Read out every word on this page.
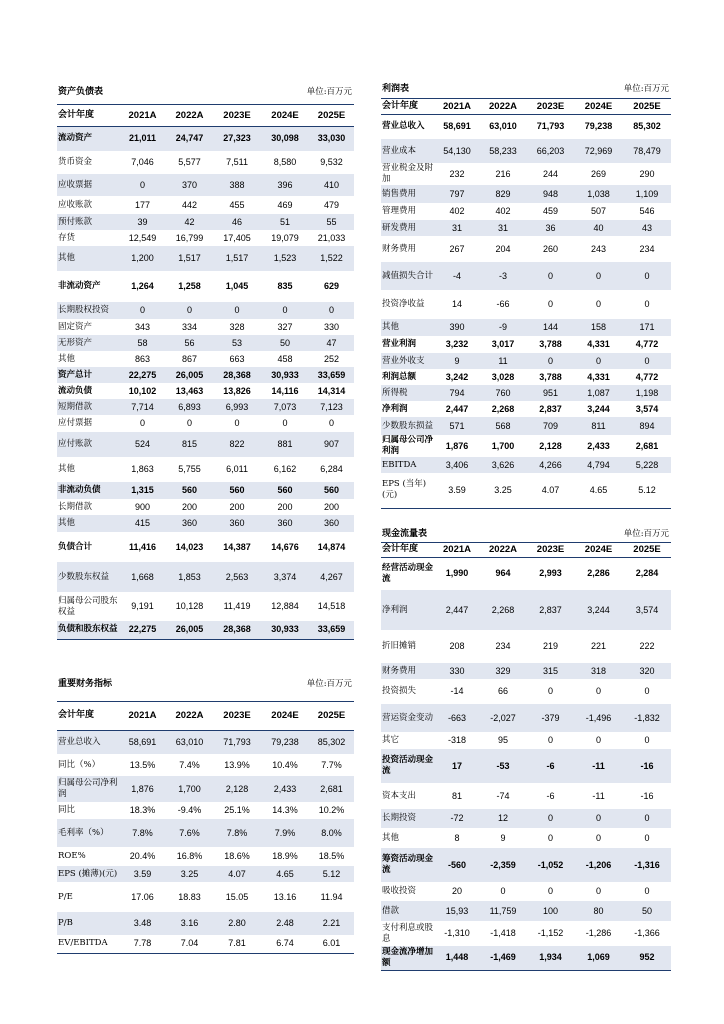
资产负债表			单位:百万元		
会计年度	2021A	2022A	2023E	2024E	2025E
流动资产	21,011	24,747	27,323	30,098	33,030
货币资金	7,046	5,577	7,511	8,580	9,532
应收票据	0	370	388	396	410
应收账款	177	442	455	469	479
预付账款	39	42	46	51	55
存货	12,549	16,799	17,405	19,079	21,033
其他	1,200	1,517	1,517	1,523	1,522
非流动资产	1,264	1,258	1,045	835	629
长期股权投资	0	0	0	0	0
固定资产	343	334	328	327	330
无形资产	58	56	53	50	47
其他	863	867	663	458	252
资产总计	22,275	26,005	28,368	30,933	33,659
流动负债	10,102	13,463	13,826	14,116	14,314
短期借款	7,714	6,893	6,993	7,073	7,123
应付票据	0	0	0	0	0
应付账款	524	815	822	881	907
其他	1,863	5,755	6,011	6,162	6,284
非流动负债	1,315	560	560	560	560
长期借款	900	200	200	200	200
其他	415	360	360	360	360
负债合计	11,416	14,023	14,387	14,676	14,874
少数股东权益	1,668	1,853	2,563	3,374	4,267
归属母公司股东权益	9,191	10,128	11,419	12,884	14,518
负债和股东权益	22,275	26,005	28,368	30,933	33,659
重要财务指标			单位:百万元		
会计年度	2021A	2022A	2023E	2024E	2025E
营业总收入	58,691	63,010	71,793	79,238	85,302
同比（%）	13.5%	7.4%	13.9%	10.4%	7.7%
归属母公司净利润	1,876	1,700	2,128	2,433	2,681
同比	18.3%	-9.4%	25.1%	14.3%	10.2%
毛利率（%）	7.8%	7.6%	7.8%	7.9%	8.0%
ROE%	20.4%	16.8%	18.6%	18.9%	18.5%
EPS (摊薄)(元)	3.59	3.25	4.07	4.65	5.12
P/E	17.06	18.83	15.05	13.16	11.94
P/B	3.48	3.16	2.80	2.48	2.21
EV/EBITDA	7.78	7.04	7.81	6.74	6.01
利润表			单位:百万元		
会计年度	2021A	2022A	2023E	2024E	2025E
营业总收入	58,691	63,010	71,793	79,238	85,302
营业成本	54,130	58,233	66,203	72,969	78,479
营业税金及附加	232	216	244	269	290
销售费用	797	829	948	1,038	1,109
管理费用	402	402	459	507	546
研发费用	31	31	36	40	43
财务费用	267	204	260	243	234
减值损失合计	-4	-3	0	0	0
投资净收益	14	-66	0	0	0
其他	390	-9	144	158	171
营业利润	3,232	3,017	3,788	4,331	4,772
营业外收支	9	11	0	0	0
利润总额	3,242	3,028	3,788	4,331	4,772
所得税	794	760	951	1,087	1,198
净利润	2,447	2,268	2,837	3,244	3,574
少数股东损益	571	568	709	811	894
归属母公司净利润	1,876	1,700	2,128	2,433	2,681
EBITDA	3,406	3,626	4,266	4,794	5,228
EPS (当年)(元)	3.59	3.25	4.07	4.65	5.12
现金流量表			单位:百万元		
会计年度	2021A	2022A	2023E	2024E	2025E
经营活动现金流	1,990	964	2,993	2,286	2,284
净利润	2,447	2,268	2,837	3,244	3,574
折旧摊销	208	234	219	221	222
财务费用	330	329	315	318	320
投资损失	-14	66	0	0	0
营运资金变动	-663	-2,027	-379	-1,496	-1,832
其它	-318	95	0	0	0
投资活动现金流	17	-53	-6	-11	-16
资本支出	81	-74	-6	-11	-16
长期投资	-72	12	0	0	0
其他	8	9	0	0	0
筹资活动现金流	-560	-2,359	-1,052	-1,206	-1,316
吸收投资	20	0	0	0	0
借款	15,93	11,759	100	80	50
支付利息或股息	-1,310	-1,418	-1,152	-1,286	-1,366
现金流净增加额	1,448	-1,469	1,934	1,069	952
